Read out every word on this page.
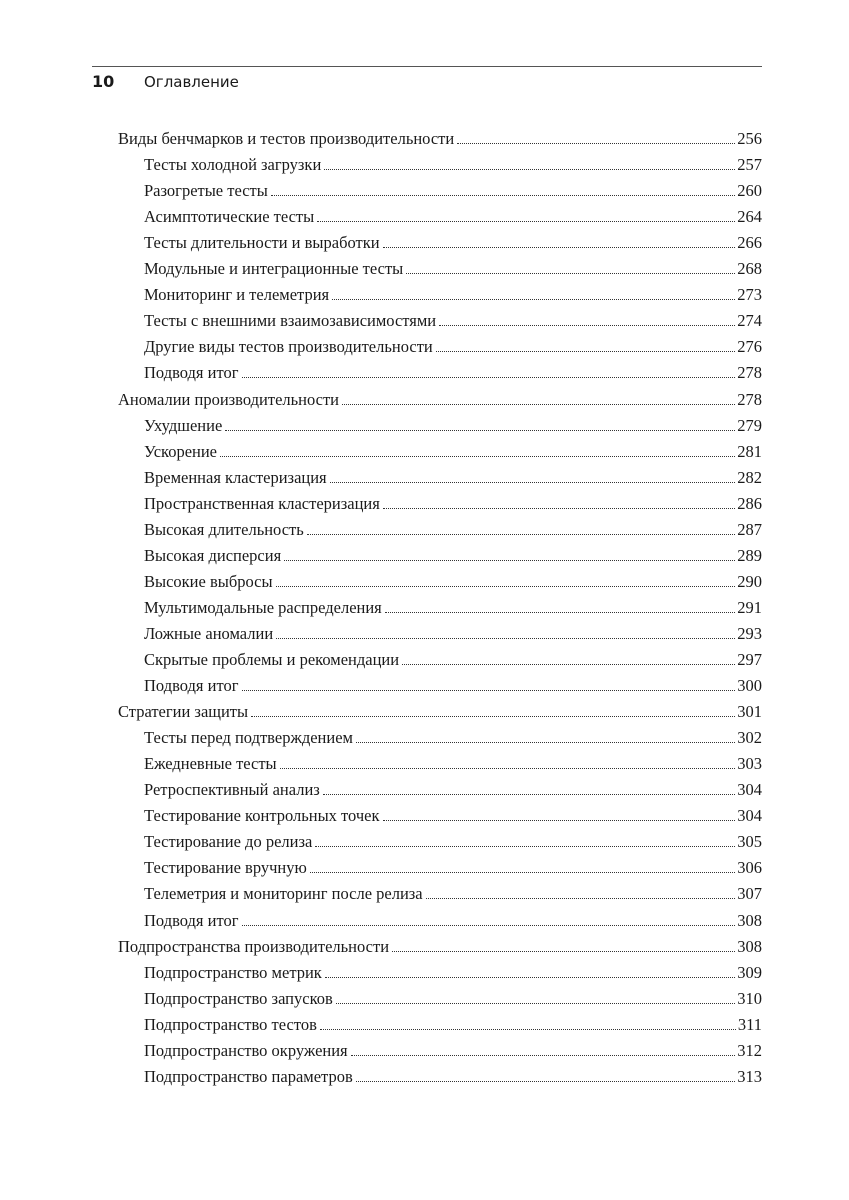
10	Оглавление
Виды бенчмарков и тестов производительности	256
Тесты холодной загрузки	257
Разогретые тесты	260
Асимптотические тесты	264
Тесты длительности и выработки	266
Модульные и интеграционные тесты	268
Мониторинг и телеметрия	273
Тесты с внешними взаимозависимостями	274
Другие виды тестов производительности	276
Подводя итог	278
Аномалии производительности	278
Ухудшение	279
Ускорение	281
Временная кластеризация	282
Пространственная кластеризация	286
Высокая длительность	287
Высокая дисперсия	289
Высокие выбросы	290
Мультимодальные распределения	291
Ложные аномалии	293
Скрытые проблемы и рекомендации	297
Подводя итог	300
Стратегии защиты	301
Тесты перед подтверждением	302
Ежедневные тесты	303
Ретроспективный анализ	304
Тестирование контрольных точек	304
Тестирование до релиза	305
Тестирование вручную	306
Телеметрия и мониторинг после релиза	307
Подводя итог	308
Подпространства производительности	308
Подпространство метрик	309
Подпространство запусков	310
Подпространство тестов	311
Подпространство окружения	312
Подпространство параметров	313
